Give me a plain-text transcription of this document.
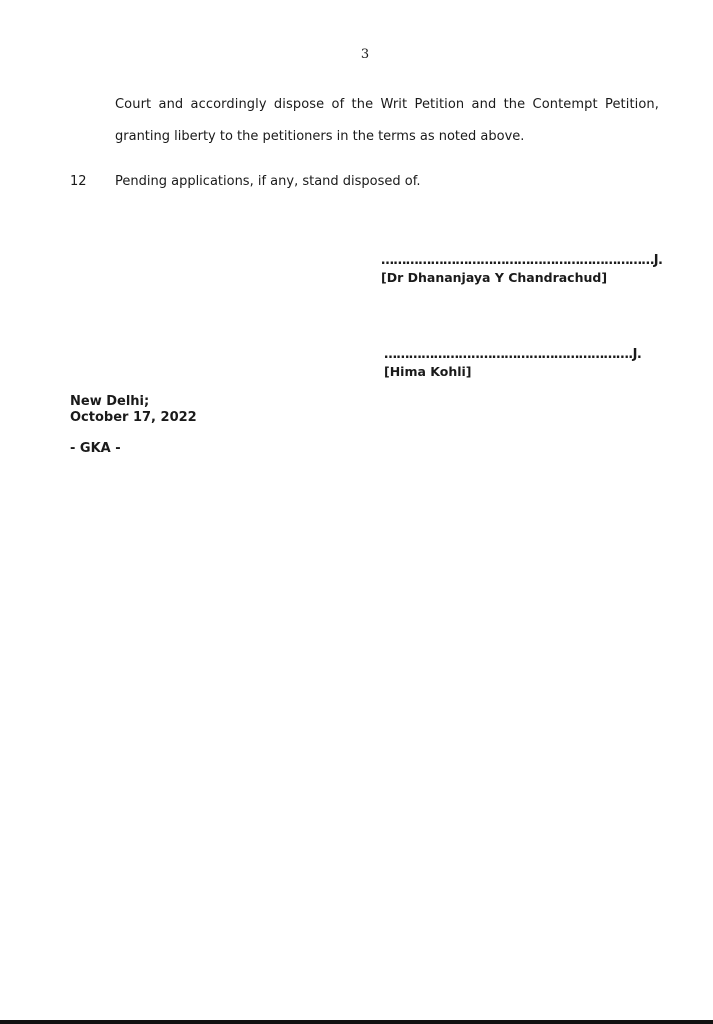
3
Court and accordingly dispose of the Writ Petition and the Contempt Petition,
granting liberty to the petitioners in the terms as noted above.
12 Pending applications, if any, stand disposed of.
…………………………………………………………J.
[Dr Dhananjaya Y Chandrachud]
…………………..……………………………….J.
[Hima Kohli]
New Delhi;
October 17, 2022
- GKA -
